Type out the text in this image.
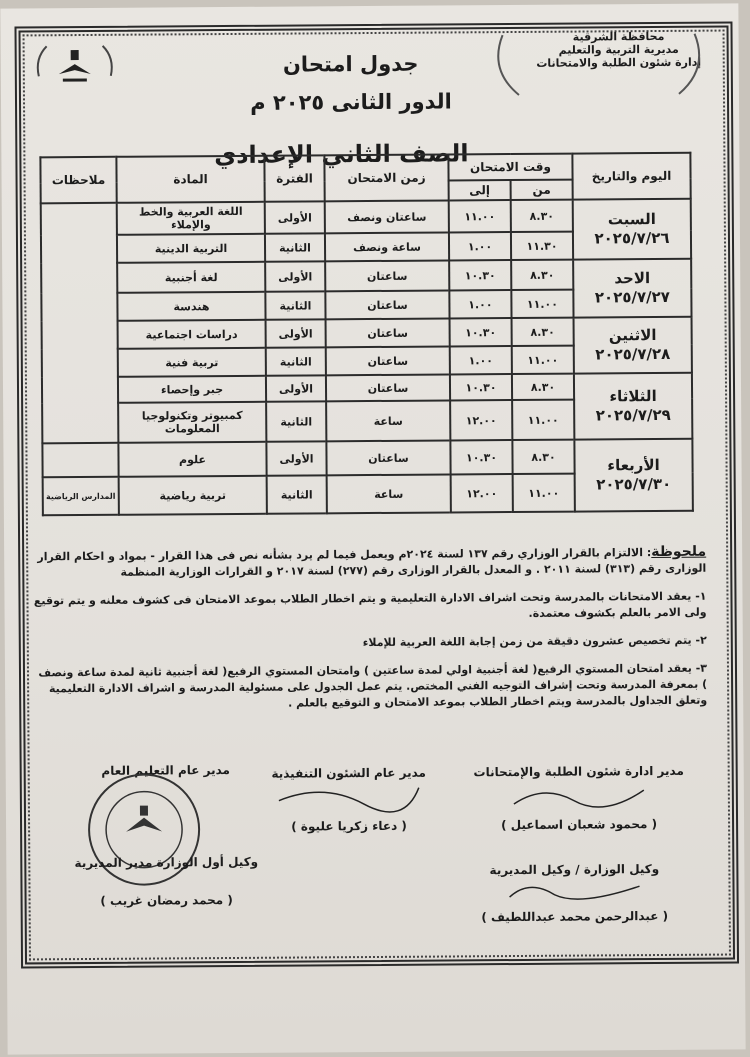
محافظة الشرقية
مديرية التربية والتعليم
إدارة شئون الطلبة والامتحانات
جدول امتحان
الدور الثانى ٢٠٢٥ م
الصف الثاني الإعدادي
اليوم والتاريخ	وقت الامتحان		زمن الامتحان	الفترة	المادة	ملاحظات
	من	إلى				

السبت
٢٠٢٥/٧/٢٦	٨.٣٠	١١.٠٠	ساعتان ونصف	الأولى	اللغة العربية والخط والإملاء	
	١١.٣٠	١.٠٠	ساعة ونصف	الثانية	التربية الدينية	

الاحد
٢٠٢٥/٧/٢٧	٨.٣٠	١٠.٣٠	ساعتان	الأولى	لغة أجنبية	
	١١.٠٠	١.٠٠	ساعتان	الثانية	هندسة	

الاثنين
٢٠٢٥/٧/٢٨	٨.٣٠	١٠.٣٠	ساعتان	الأولى	دراسات اجتماعية	
	١١.٠٠	١.٠٠	ساعتان	الثانية	تربية فنية	

الثلاثاء
٢٠٢٥/٧/٢٩	٨.٣٠	١٠.٣٠	ساعتان	الأولى	جبر وإحصاء	
	١١.٠٠	١٢.٠٠	ساعة	الثانية	كمبيوتر وتكنولوجيا المعلومات	

الأربعاء
٢٠٢٥/٧/٣٠	٨.٣٠	١٠.٣٠	ساعتان	الأولى	علوم	
	١١.٠٠	١٢.٠٠	ساعة	الثانية	تربية رياضية	المدارس الرياضية

ملحوظة: الالتزام بالقرار الوزاري رقم ١٣٧ لسنة ٢٠٢٤م ويعمل فيما لم يرد بشأنه نص فى هذا القرار - بمواد و احكام القرار الوزارى رقم (٣١٣) لسنة ٢٠١١ . و المعدل بالقرار الوزارى رقم (٢٧٧) لسنة ٢٠١٧ و القرارات الوزارية المنظمة

١- يعقد الامتحانات بالمدرسة وتحت اشراف الادارة التعليمية و يتم اخطار الطلاب بموعد الامتحان فى كشوف معلنه و يتم توقيع ولى الامر بالعلم بكشوف معتمدة.

٢- يتم تخصيص عشرون دقيقة من زمن إجابة اللغة العربية للإملاء

٣- يعقد امتحان المستوي الرفيع( لغة أجنبية اولي لمدة ساعتين ) وامتحان المستوي الرفيع( لغة أجنبية ثانية لمدة ساعة ونصف ) بمعرفة المدرسة وتحت إشراف التوجيه الفني المختص. يتم عمل الجدول على مسئولية المدرسة و اشراف الادارة التعليمية وتعلق الجداول بالمدرسة ويتم اخطار الطلاب بموعد الامتحان و التوقيع بالعلم .

مدير ادارة شئون الطلبة والإمتحانات
( محمود شعبان اسماعيل )
مدير عام الشئون التنفيذية
( دعاء زكريا عليوة )
مدير عام التعليم العام
وكيل الوزارة / وكيل المديرية
( عبدالرحمن محمد عبداللطيف )
وكيل أول الوزارة مدير المديرية
( محمد رمضان غريب )
